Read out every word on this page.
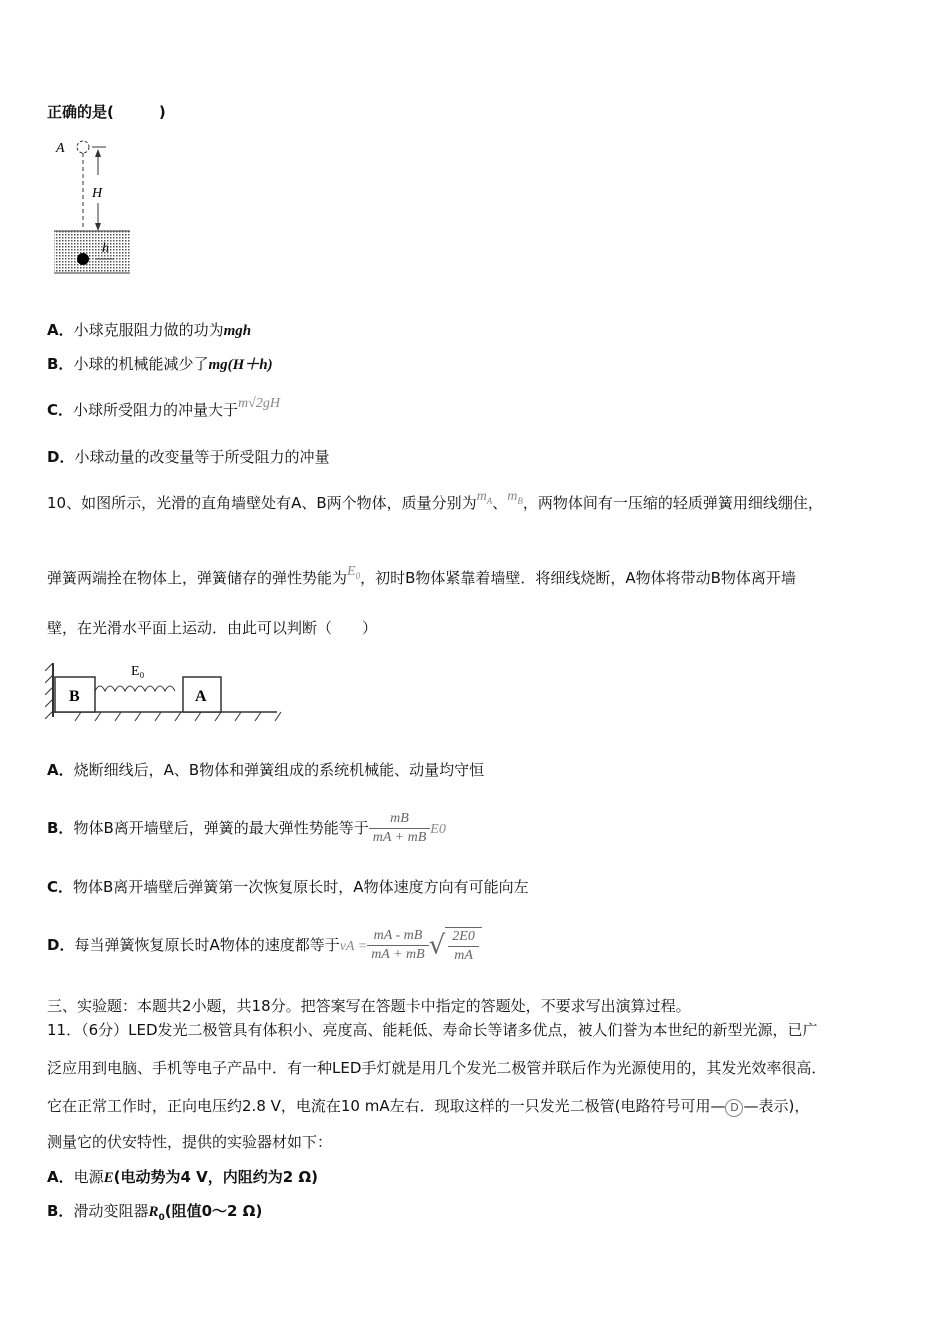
正确的是(　　　)
A
H
h
A．小球克服阻力做的功为mgh
B．小球的机械能减少了mg(H＋h)
C．小球所受阻力的冲量大于m√2gH
D．小球动量的改变量等于所受阻力的冲量
10、如图所示，光滑的直角墙壁处有A、B两个物体，质量分别为$m_A$、$m_B$，两物体间有一压缩的轻质弹簧用细线绷住，
弹簧两端拴在物体上，弹簧储存的弹性势能为$E_0$，初时B物体紧靠着墙壁．将细线烧断，A物体将带动B物体离开墙
壁，在光滑水平面上运动．由此可以判断（　　）
B
E₀
A
A．烧断细线后，A、B物体和弹簧组成的系统机械能、动量均守恒
B．物体B离开墙壁后，弹簧的最大弹性势能等于 $\frac{mB}{mA + mB} E0$
C．物体B离开墙壁后弹簧第一次恢复原长时，A物体速度方向有可能向左
D．每当弹簧恢复原长时A物体的速度都等于vA = $\frac{mA - mB}{mA + mB}$ √ $\frac{2E0}{mA}$
三、实验题：本题共2小题，共18分。把答案写在答题卡中指定的答题处，不要求写出演算过程。
11．（6分）LED发光二极管具有体积小、亮度高、能耗低、寿命长等诸多优点，被人们誉为本世纪的新型光源，已广
泛应用到电脑、手机等电子产品中．有一种LED手灯就是用几个发光二极管并联后作为光源使用的，其发光效率很高．
它在正常工作时，正向电压约2.8 V，电流在10 mA左右．现取这样的一只发光二极管(电路符号可用— D —表示)，
测量它的伏安特性，提供的实验器材如下：
A．电源E(电动势为4 V，内阻约为2 Ω)
B．滑动变阻器$R_0$(阻值0～2 Ω)
